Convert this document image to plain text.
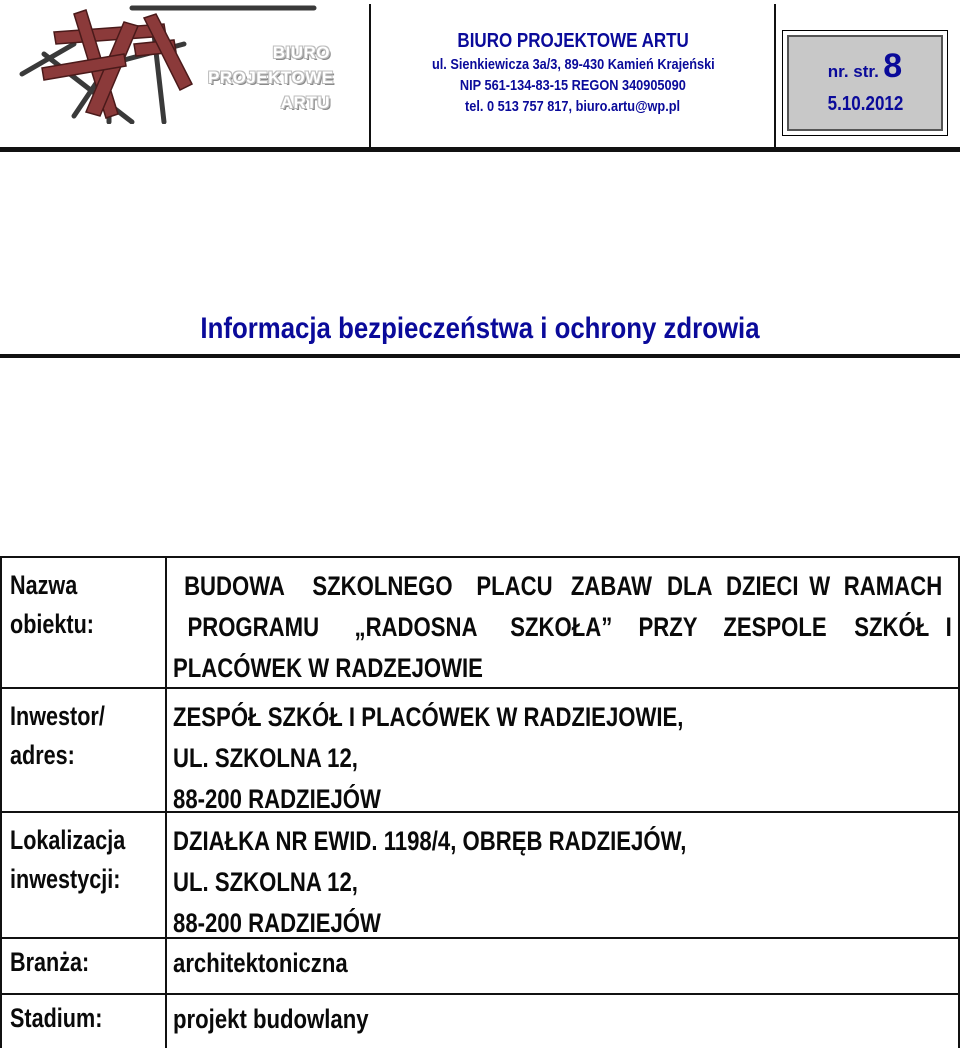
BIURO
PROJEKTOWE
ARTU
BIURO PROJEKTOWE ARTU
ul. Sienkiewicza 3a/3, 89-430 Kamień Krajeński
NIP 561-134-83-15 REGON 340905090
tel. 0 513 757 817, biuro.artu@wp.pl
nr. str. 8
5.10.2012
Informacja bezpieczeństwa i ochrony zdrowia
Nazwa
obiektu:
BUDOWA SZKOLNEGO PLACU ZABAW DLA DZIECI W RAMACH
PROGRAMU „RADOSNA SZKOŁA” PRZY ZESPOLE SZKÓŁ I
PLACÓWEK W RADZEJOWIE
Inwestor/
adres:
ZESPÓŁ SZKÓŁ I PLACÓWEK W RADZIEJOWIE,
UL. SZKOLNA 12,
88-200 RADZIEJÓW
Lokalizacja
inwestycji:
DZIAŁKA NR EWID. 1198/4, OBRĘB RADZIEJÓW,
UL. SZKOLNA 12,
88-200 RADZIEJÓW
Branża:	architektoniczna
Stadium:	projekt budowlany
